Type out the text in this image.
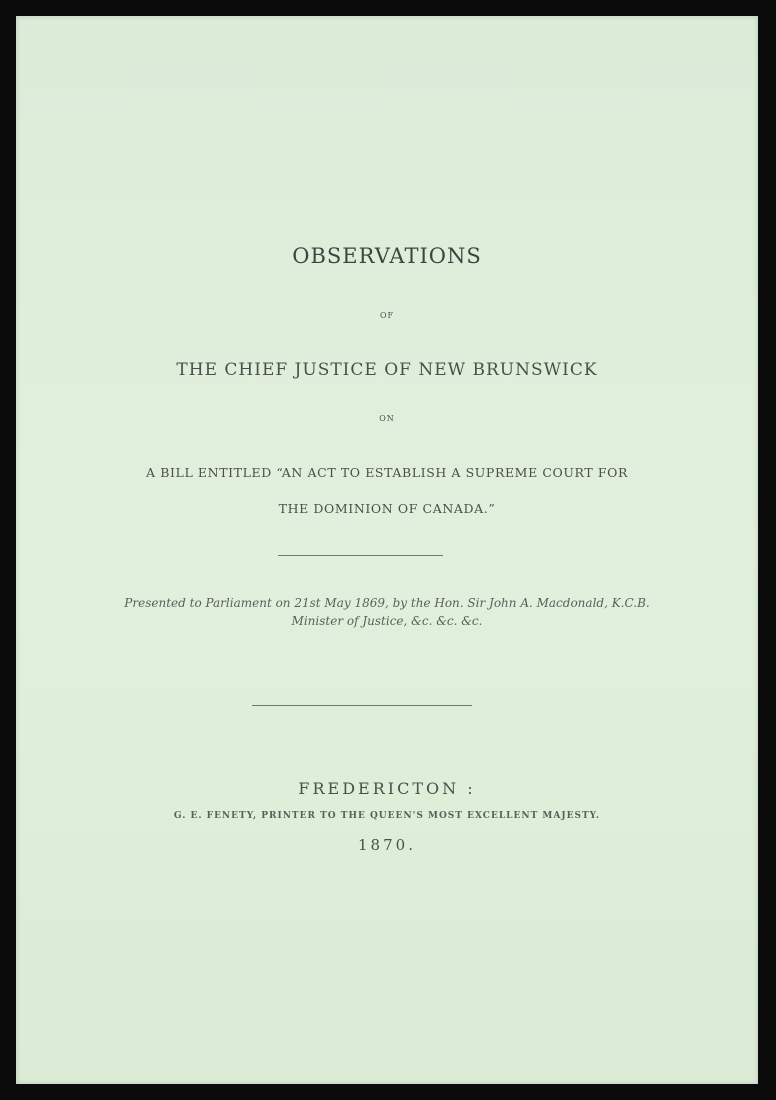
OBSERVATIONS
OF
THE CHIEF JUSTICE OF NEW BRUNSWICK
ON
A BILL ENTITLED “AN ACT TO ESTABLISH A SUPREME COURT FOR
THE DOMINION OF CANADA.”
Presented to Parliament on 21st May 1869, by the Hon. Sir John A. Macdonald, K.C.B.
Minister of Justice, &c. &c. &c.
FREDERICTON :
G. E. FENETY, PRINTER TO THE QUEEN'S MOST EXCELLENT MAJESTY.
1870.
